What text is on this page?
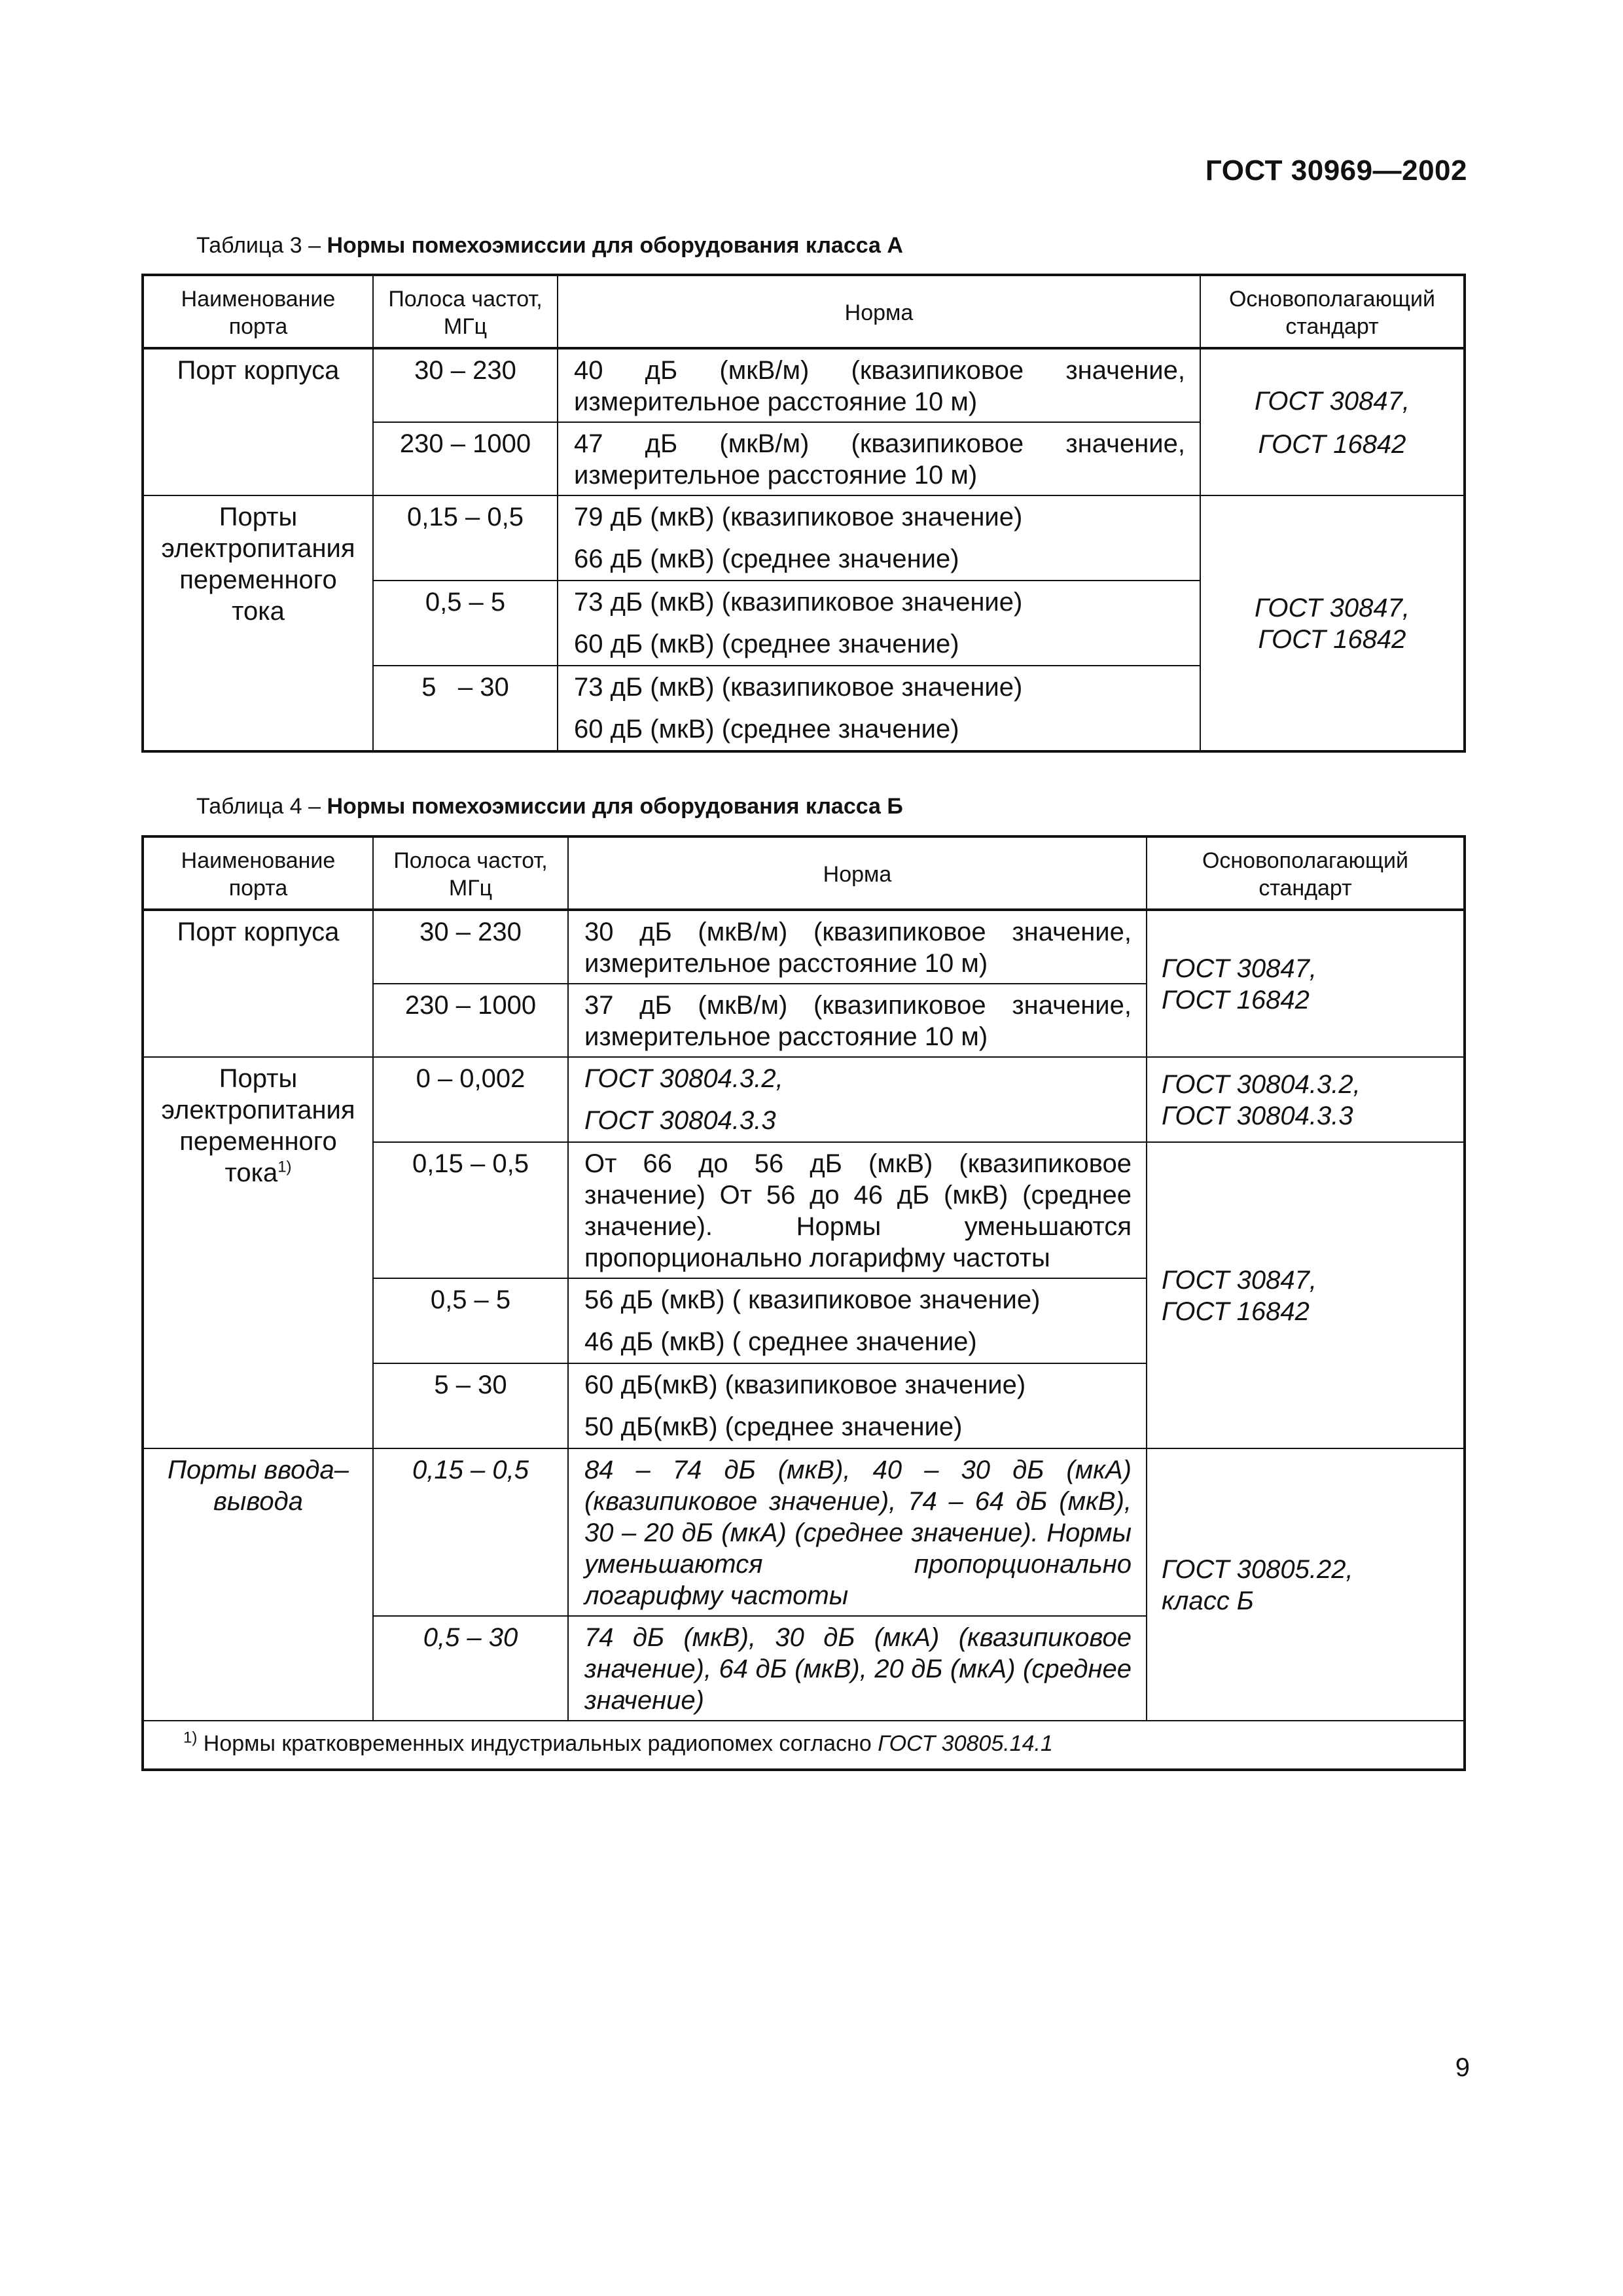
ГОСТ 30969—2002
Таблица 3 – Нормы помехоэмиссии для оборудования класса А
Наименование порта	Полоса частот, МГц	Норма	Основополагающий стандарт
Порт корпуса	30 – 230	40 дБ (мкВ/м) (квазипиковое значение, измерительное расстояние 10 м)	ГОСТ 30847,
ГОСТ 16842

	230 – 1000	47 дБ (мкВ/м) (квазипиковое значение, измерительное расстояние 10 м)	
Порты электропитания переменного тока	0,15 – 0,5	79 дБ (мкВ) (квазипиковое значение)
66 дБ (мкВ) (среднее значение)	ГОСТ 30847,
ГОСТ 16842

	0,5 – 5	73 дБ (мкВ) (квазипиковое значение)
60 дБ (мкВ) (среднее значение)	

	5   – 30	73 дБ (мкВ) (квазипиковое значение)
60 дБ (мкВ) (среднее значение)	
Таблица 4 – Нормы помехоэмиссии для оборудования класса Б
Наименование порта	Полоса частот, МГц	Норма	Основополагающий стандарт
Порт корпуса	30 – 230	30 дБ (мкВ/м) (квазипиковое значение, измерительное расстояние 10 м)	ГОСТ 30847,
ГОСТ 16842

	230 – 1000	37 дБ (мкВ/м) (квазипиковое значение, измерительное расстояние 10 м)	
Порты электропитания переменного тока$^{1)}$	0 – 0,002	ГОСТ 30804.3.2,
ГОСТ 30804.3.3	ГОСТ 30804.3.2,
ГОСТ 30804.3.3

	0,15 – 0,5	От 66 до 56 дБ (мкВ) (квазипиковое значение) От 56 до 46 дБ (мкВ) (среднее значение). Нормы уменьшаются пропорционально логарифму частоты	ГОСТ 30847,
ГОСТ 16842

	0,5 – 5	56 дБ (мкВ) ( квазипиковое значение)
46 дБ (мкВ) ( среднее значение)	

	5 – 30	60 дБ(мкВ) (квазипиковое значение)
50 дБ(мкВ) (среднее значение)	

Порты ввода–вывода	0,15 – 0,5	84 – 74 дБ (мкВ), 40 – 30 дБ (мкА) (квазипиковое значение), 74 – 64 дБ (мкВ), 30 – 20 дБ (мкА) (среднее значение). Нормы уменьшаются пропорционально логарифму частоты	ГОСТ 30805.22,
класс Б

	0,5 – 30	74 дБ (мкВ), 30 дБ (мкА) (квазипиковое значение), 64 дБ (мкВ), 20 дБ (мкА) (среднее значение)	
$^{1)}$ Нормы кратковременных индустриальных радиопомех согласно ГОСТ 30805.14.1			
9
